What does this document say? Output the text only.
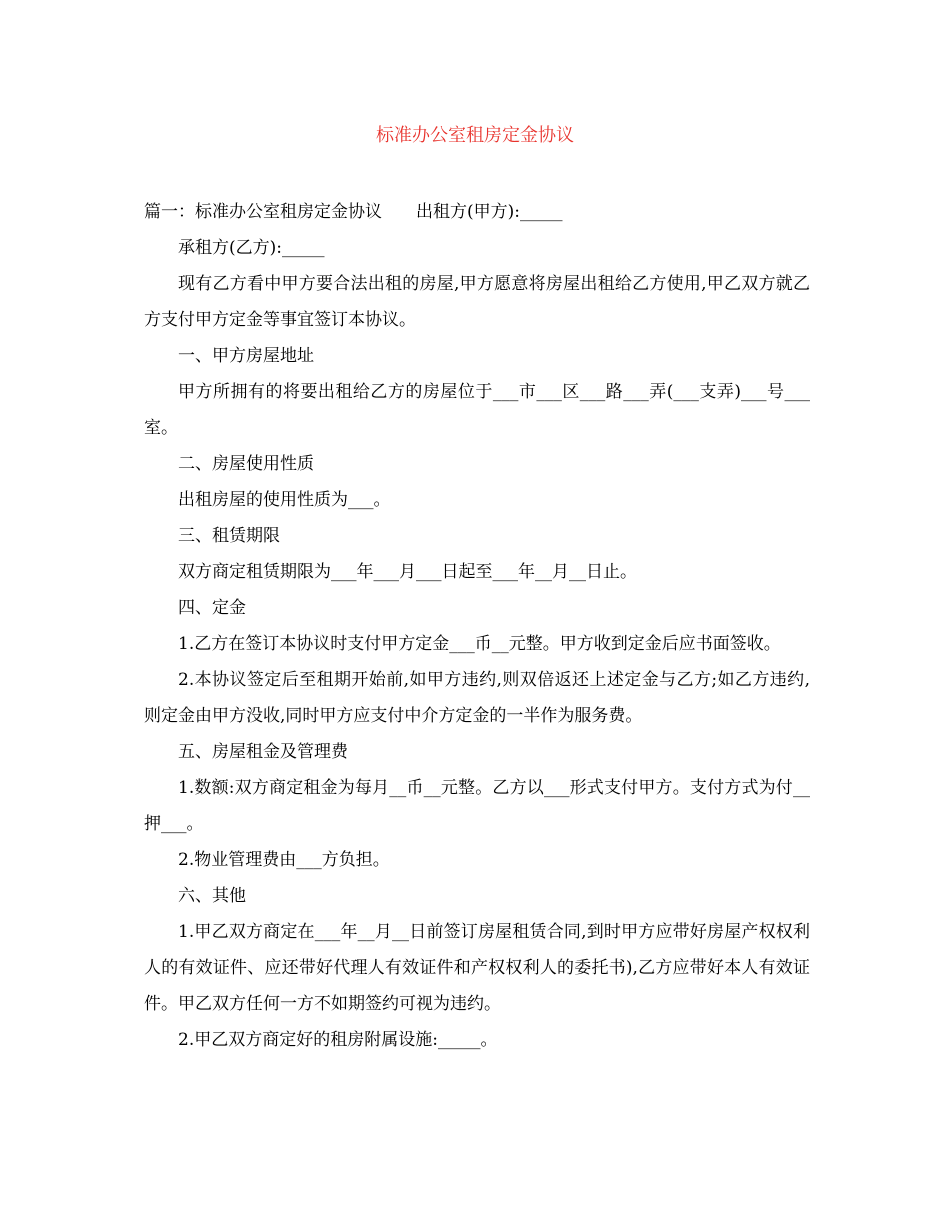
标准办公室租房定金协议

篇一：标准办公室租房定金协议　　出租方(甲方):_____

承租方(乙方):_____

现有乙方看中甲方要合法出租的房屋,甲方愿意将房屋出租给乙方使用,甲乙双方就乙方支付甲方定金等事宜签订本协议。

一、甲方房屋地址

甲方所拥有的将要出租给乙方的房屋位于___市___区___路___弄(___支弄)___号___室。

二、房屋使用性质

出租房屋的使用性质为___。

三、租赁期限

双方商定租赁期限为___年___月___日起至___年__月__日止。

四、定金

1.乙方在签订本协议时支付甲方定金___币__元整。甲方收到定金后应书面签收。

2.本协议签定后至租期开始前,如甲方违约,则双倍返还上述定金与乙方;如乙方违约,则定金由甲方没收,同时甲方应支付中介方定金的一半作为服务费。

五、房屋租金及管理费

1.数额:双方商定租金为每月__币__元整。乙方以___形式支付甲方。支付方式为付__押___。

2.物业管理费由___方负担。

六、其他

1.甲乙双方商定在___年__月__日前签订房屋租赁合同,到时甲方应带好房屋产权权利人的有效证件、应还带好代理人有效证件和产权权利人的委托书),乙方应带好本人有效证件。甲乙双方任何一方不如期签约可视为违约。

2.甲乙双方商定好的租房附属设施:_____。
